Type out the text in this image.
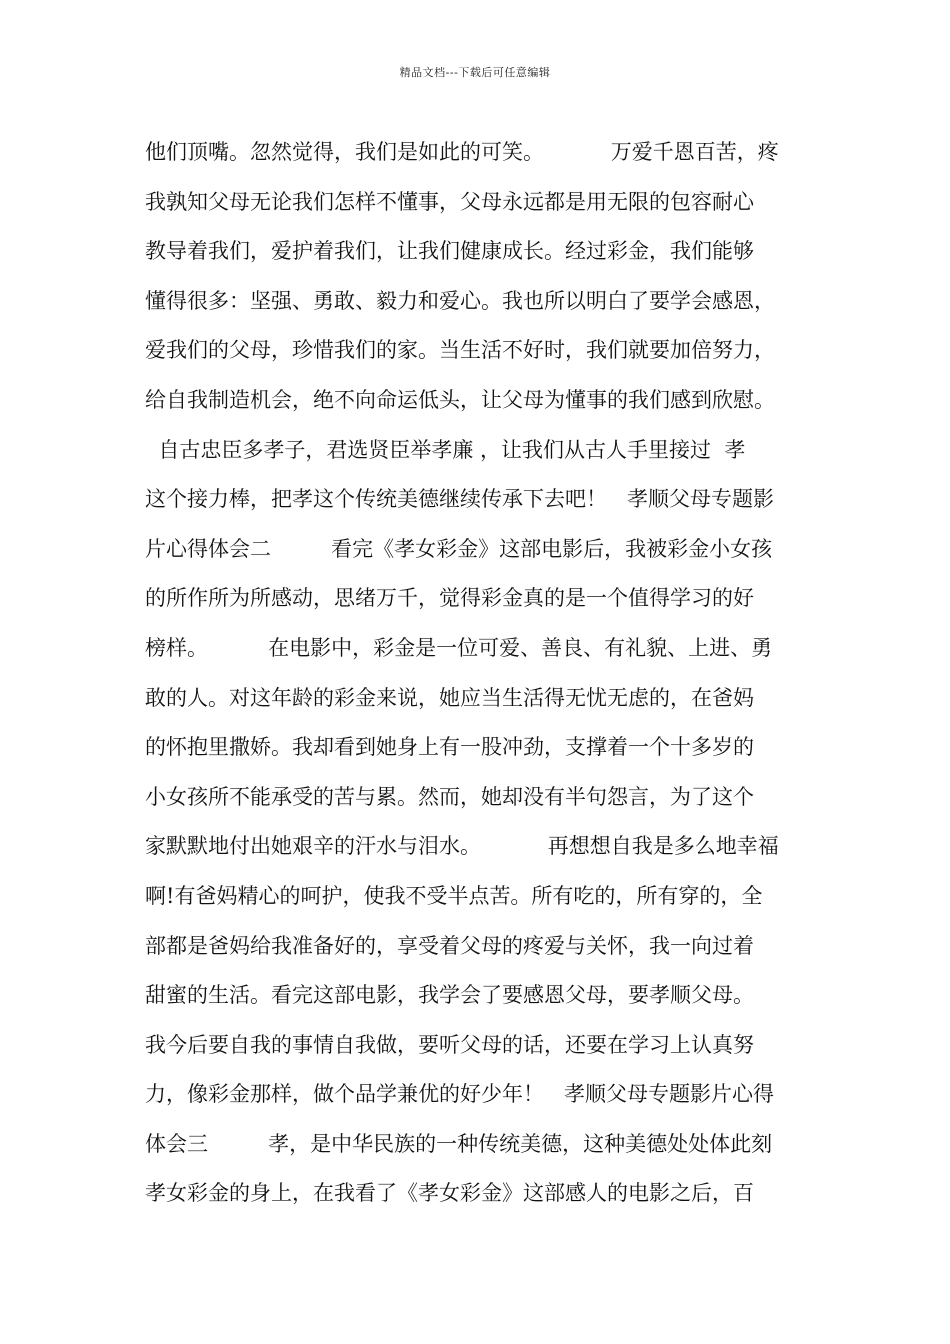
精品文档---下载后可任意编辑
他们顶嘴。忽然觉得，我们是如此的可笑。          万爱千恩百苦，疼
我孰知父母无论我们怎样不懂事，父母永远都是用无限的包容耐心
教导着我们，爱护着我们，让我们健康成长。经过彩金，我们能够
懂得很多：坚强、勇敢、毅力和爱心。我也所以明白了要学会感恩，
爱我们的父母，珍惜我们的家。当生活不好时，我们就要加倍努力，
给自我制造机会，绝不向命运低头，让父母为懂事的我们感到欣慰。
自古忠臣多孝子，君选贤臣举孝廉 ，让我们从古人手里接过  孝
这个接力棒，把孝这个传统美德继续传承下去吧！   孝顺父母专题影
片心得体会二         看完《孝女彩金》这部电影后，我被彩金小女孩
的所作所为所感动，思绪万千，觉得彩金真的是一个值得学习的好
榜样。         在电影中，彩金是一位可爱、善良、有礼貌、上进、勇
敢的人。对这年龄的彩金来说，她应当生活得无忧无虑的，在爸妈
的怀抱里撒娇。我却看到她身上有一股冲劲，支撑着一个十多岁的
小女孩所不能承受的苦与累。然而，她却没有半句怨言，为了这个
家默默地付出她艰辛的汗水与泪水。          再想想自我是多么地幸福
啊!有爸妈精心的呵护，使我不受半点苦。所有吃的，所有穿的，全
部都是爸妈给我准备好的，享受着父母的疼爱与关怀，我一向过着
甜蜜的生活。看完这部电影，我学会了要感恩父母，要孝顺父母。
我今后要自我的事情自我做，要听父母的话，还要在学习上认真努
力，像彩金那样，做个品学兼优的好少年！   孝顺父母专题影片心得
体会三         孝，是中华民族的一种传统美德，这种美德处处体此刻
孝女彩金的身上，在我看了《孝女彩金》这部感人的电影之后，百
